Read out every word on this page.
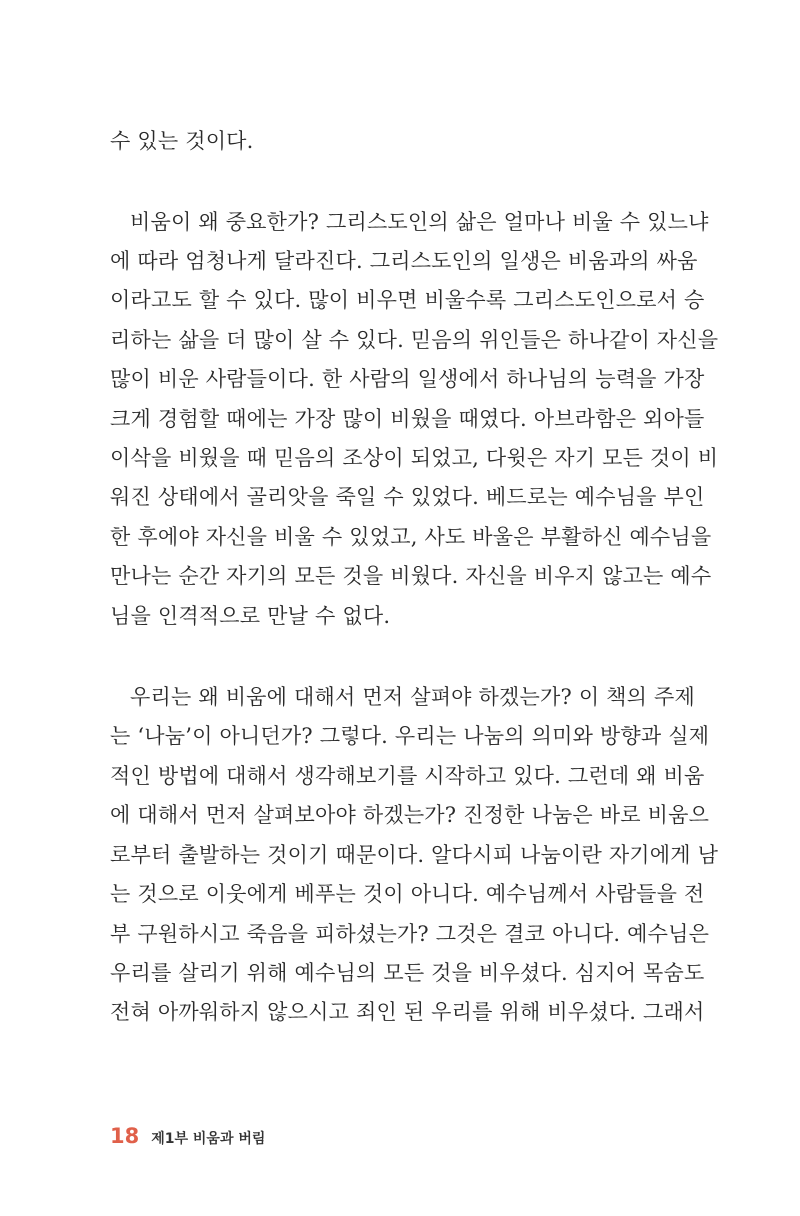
수 있는 것이다.
비움이 왜 중요한가? 그리스도인의 삶은 얼마나 비울 수 있느냐
에 따라 엄청나게 달라진다. 그리스도인의 일생은 비움과의 싸움
이라고도 할 수 있다. 많이 비우면 비울수록 그리스도인으로서 승
리하는 삶을 더 많이 살 수 있다. 믿음의 위인들은 하나같이 자신을
많이 비운 사람들이다. 한 사람의 일생에서 하나님의 능력을 가장
크게 경험할 때에는 가장 많이 비웠을 때였다. 아브라함은 외아들
이삭을 비웠을 때 믿음의 조상이 되었고, 다윗은 자기 모든 것이 비
워진 상태에서 골리앗을 죽일 수 있었다. 베드로는 예수님을 부인
한 후에야 자신을 비울 수 있었고, 사도 바울은 부활하신 예수님을
만나는 순간 자기의 모든 것을 비웠다. 자신을 비우지 않고는 예수
님을 인격적으로 만날 수 없다.
우리는 왜 비움에 대해서 먼저 살펴야 하겠는가? 이 책의 주제
는 ‘나눔’이 아니던가? 그렇다. 우리는 나눔의 의미와 방향과 실제
적인 방법에 대해서 생각해보기를 시작하고 있다. 그런데 왜 비움
에 대해서 먼저 살펴보아야 하겠는가? 진정한 나눔은 바로 비움으
로부터 출발하는 것이기 때문이다. 알다시피 나눔이란 자기에게 남
는 것으로 이웃에게 베푸는 것이 아니다. 예수님께서 사람들을 전
부 구원하시고 죽음을 피하셨는가? 그것은 결코 아니다. 예수님은
우리를 살리기 위해 예수님의 모든 것을 비우셨다. 심지어 목숨도
전혀 아까워하지 않으시고 죄인 된 우리를 위해 비우셨다. 그래서
18 제1부 비움과 버림
